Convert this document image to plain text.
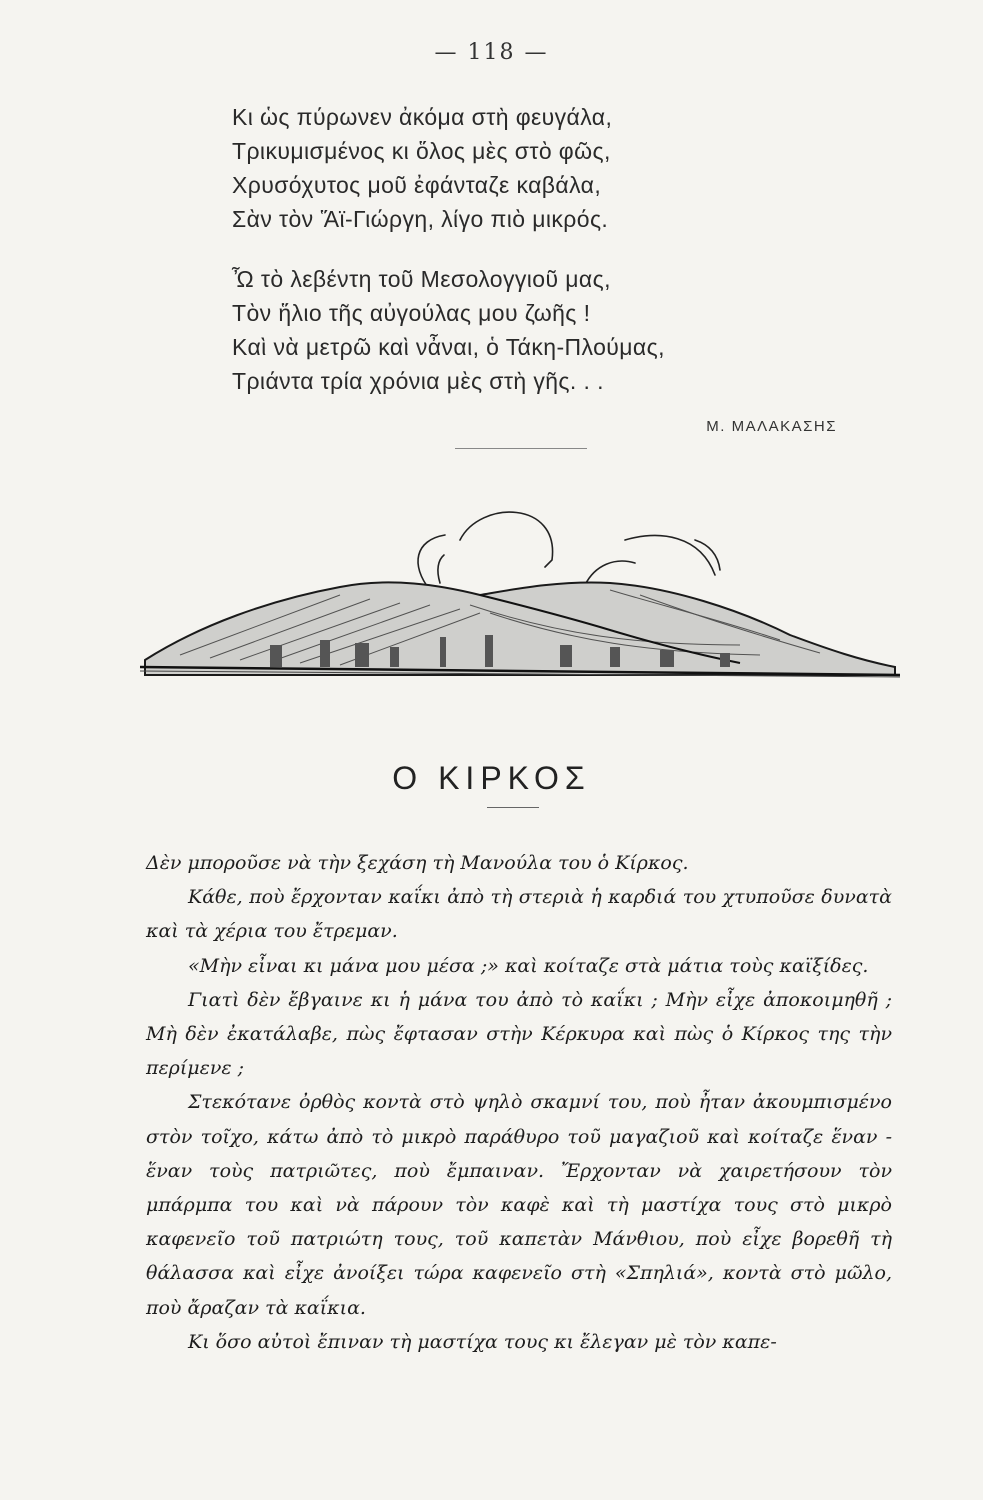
— 118 —

Κι ὡς πύρωνεν ἀκόμα στὴ φευγάλα,
Τρικυμισμένος κι ὅλος μὲς στὸ φῶς,
Χρυσόχυτος μοῦ ἐφάνταζε καβάλα,
Σὰν τὸν Ἅϊ-Γιώργη, λίγο πιὸ μικρός.

Ὦ τὸ λεβέντη τοῦ Μεσολογγιοῦ μας,
Τὸν ἥλιο τῆς αὐγούλας μου ζωῆς !
Καὶ νὰ μετρῶ καὶ νἆναι, ὁ Τάκη-Πλούμας,
Τριάντα τρία χρόνια μὲς στὴ γῆς. . .

Μ. ΜΑΛΑΚΑΣΗΣ
Ο ΚΙΡΚΟΣ

Δὲν μποροῦσε νὰ τὴν ξεχάση τὴ Μανούλα του ὁ Κίρκος.

Κάθε, ποὺ ἔρχονταν καΐκι ἀπὸ τὴ στεριὰ ἡ καρδιά του χτυποῦσε δυνατὰ καὶ τὰ χέρια του ἔτρεμαν.

«Μὴν εἶναι κι μάνα μου μέσα ;» καὶ κοίταζε στὰ μάτια τοὺς καϊξίδες.

Γιατὶ δὲν ἔβγαινε κι ἡ μάνα του ἀπὸ τὸ καΐκι ; Μὴν εἶχε ἀποκοιμηθῆ ; Μὴ δὲν ἐκατάλαβε, πὼς ἔφτασαν στὴν Κέρκυρα καὶ πὼς ὁ Κίρκος της τὴν περίμενε ;

Στεκότανε ὀρθὸς κοντὰ στὸ ψηλὸ σκαμνί του, ποὺ ἦταν ἀκουμπισμένο στὸν τοῖχο, κάτω ἀπὸ τὸ μικρὸ παράθυρο τοῦ μαγαζιοῦ καὶ κοίταζε ἕναν - ἕναν τοὺς πατριῶτες, ποὺ ἔμπαιναν. Ἔρχονταν νὰ χαιρετήσουν τὸν μπάρμπα του καὶ νὰ πάρουν τὸν καφὲ καὶ τὴ μαστίχα τους στὸ μικρὸ καφενεῖο τοῦ πατριώτη τους, τοῦ καπετὰν Μάνθιου, ποὺ εἶχε βορεθῆ τὴ θάλασσα καὶ εἶχε ἀνοίξει τώρα καφενεῖο στὴ «Σπηλιά», κοντὰ στὸ μῶλο, ποὺ ἄραζαν τὰ καΐκια.

Κι ὅσο αὐτοὶ ἔπιναν τὴ μαστίχα τους κι ἔλεγαν μὲ τὸν καπε-
